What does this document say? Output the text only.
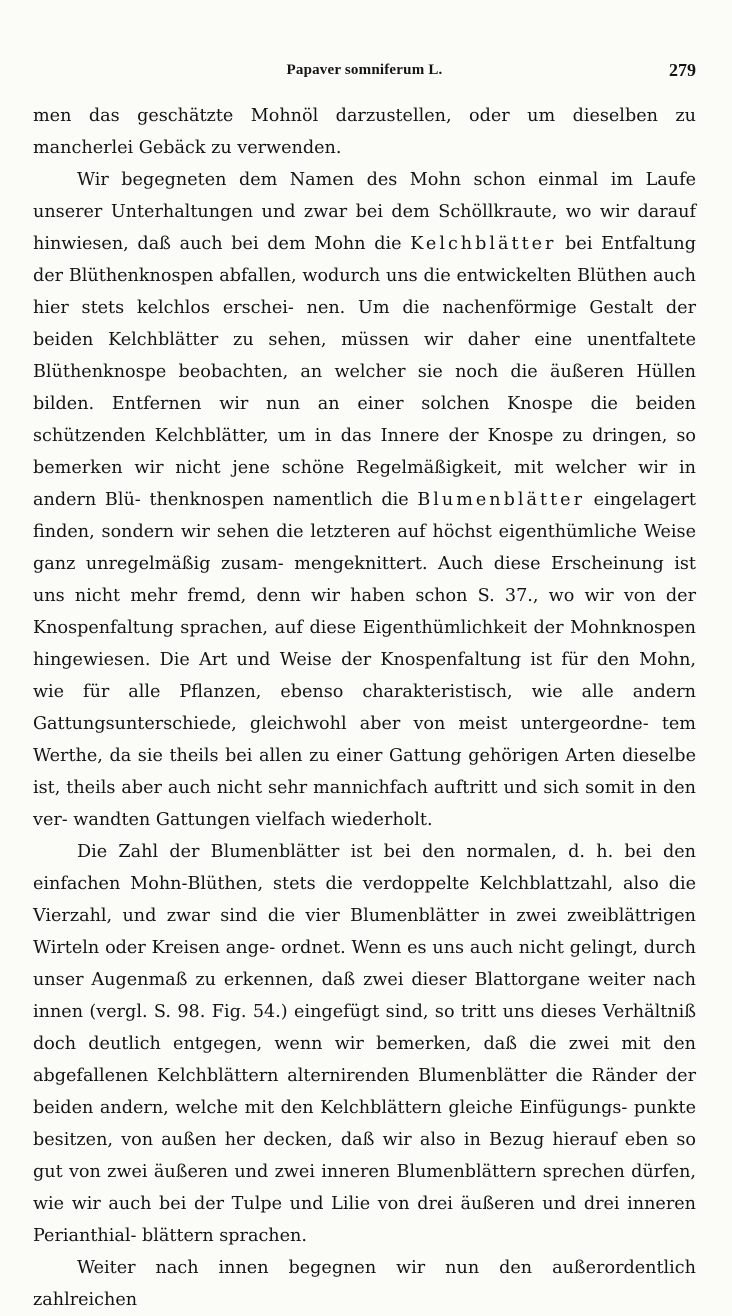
Papaver somniferum L.	279

men das geschätzte Mohnöl darzustellen, oder um dieselben zu mancherlei Gebäck zu verwenden.

Wir begegneten dem Namen des Mohn schon einmal im Laufe unserer Unterhaltungen und zwar bei dem Schöllkraute, wo wir darauf hinwiesen, daß auch bei dem Mohn die Kelchblätter bei Entfaltung der Blüthenknospen abfallen, wodurch uns die entwickelten Blüthen auch hier stets kelchlos erschei- nen. Um die nachenförmige Gestalt der beiden Kelchblätter zu sehen, müssen wir daher eine unentfaltete Blüthenknospe beobachten, an welcher sie noch die äußeren Hüllen bilden. Entfernen wir nun an einer solchen Knospe die beiden schützenden Kelchblätter, um in das Innere der Knospe zu dringen, so bemerken wir nicht jene schöne Regelmäßigkeit, mit welcher wir in andern Blü- thenknospen namentlich die Blumenblätter eingelagert finden, sondern wir sehen die letzteren auf höchst eigenthümliche Weise ganz unregelmäßig zusam- mengeknittert. Auch diese Erscheinung ist uns nicht mehr fremd, denn wir haben schon S. 37., wo wir von der Knospenfaltung sprachen, auf diese Eigenthümlichkeit der Mohnknospen hingewiesen. Die Art und Weise der Knospenfaltung ist für den Mohn, wie für alle Pflanzen, ebenso charakteristisch, wie alle andern Gattungsunterschiede, gleichwohl aber von meist untergeordne- tem Werthe, da sie theils bei allen zu einer Gattung gehörigen Arten dieselbe ist, theils aber auch nicht sehr mannichfach auftritt und sich somit in den ver- wandten Gattungen vielfach wiederholt.

Die Zahl der Blumenblätter ist bei den normalen, d. h. bei den einfachen Mohn-Blüthen, stets die verdoppelte Kelchblattzahl, also die Vierzahl, und zwar sind die vier Blumenblätter in zwei zweiblättrigen Wirteln oder Kreisen ange- ordnet. Wenn es uns auch nicht gelingt, durch unser Augenmaß zu erkennen, daß zwei dieser Blattorgane weiter nach innen (vergl. S. 98. Fig. 54.) eingefügt sind, so tritt uns dieses Verhältniß doch deutlich entgegen, wenn wir bemerken, daß die zwei mit den abgefallenen Kelchblättern alternirenden Blumenblätter die Ränder der beiden andern, welche mit den Kelchblättern gleiche Einfügungs- punkte besitzen, von außen her decken, daß wir also in Bezug hierauf eben so gut von zwei äußeren und zwei inneren Blumenblättern sprechen dürfen, wie wir auch bei der Tulpe und Lilie von drei äußeren und drei inneren Perianthial- blättern sprachen.

Weiter nach innen begegnen wir nun den außerordentlich zahlreichen
